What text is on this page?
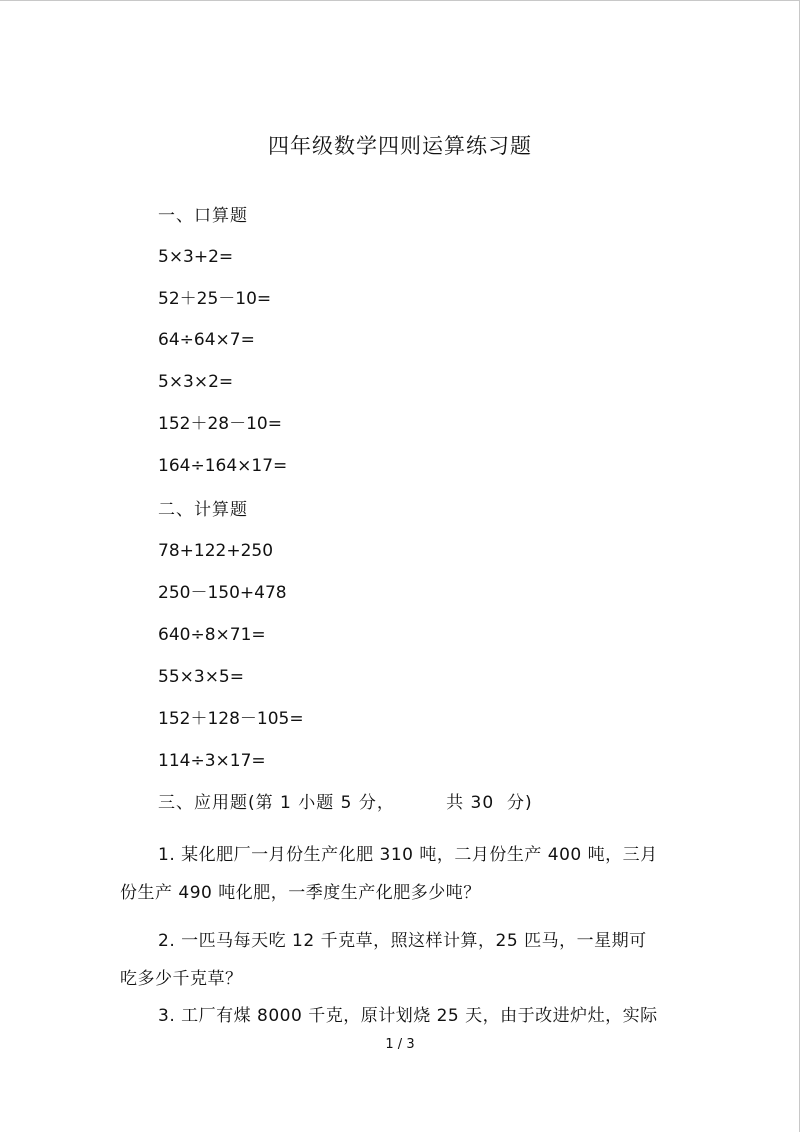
四年级数学四则运算练习题
一、口算题
5×3+2=
52＋25－10=
64÷64×7=
5×3×2=
152＋28－10=
164÷164×17=
二、计算题
78+122+250
250－150+478
640÷8×71=
55×3×5=
152＋128－105=
114÷3×17=
三、应用题(第 1 小题 5 分，        共 30  分)
1. 某化肥厂一月份生产化肥 310 吨，二月份生产 400 吨，三月份生产 490 吨化肥，一季度生产化肥多少吨？
2. 一匹马每天吃 12 千克草，照这样计算，25 匹马，一星期可吃多少千克草？
3. 工厂有煤 8000 千克，原计划烧 25 天，由于改进炉灶，实际
1 / 3
